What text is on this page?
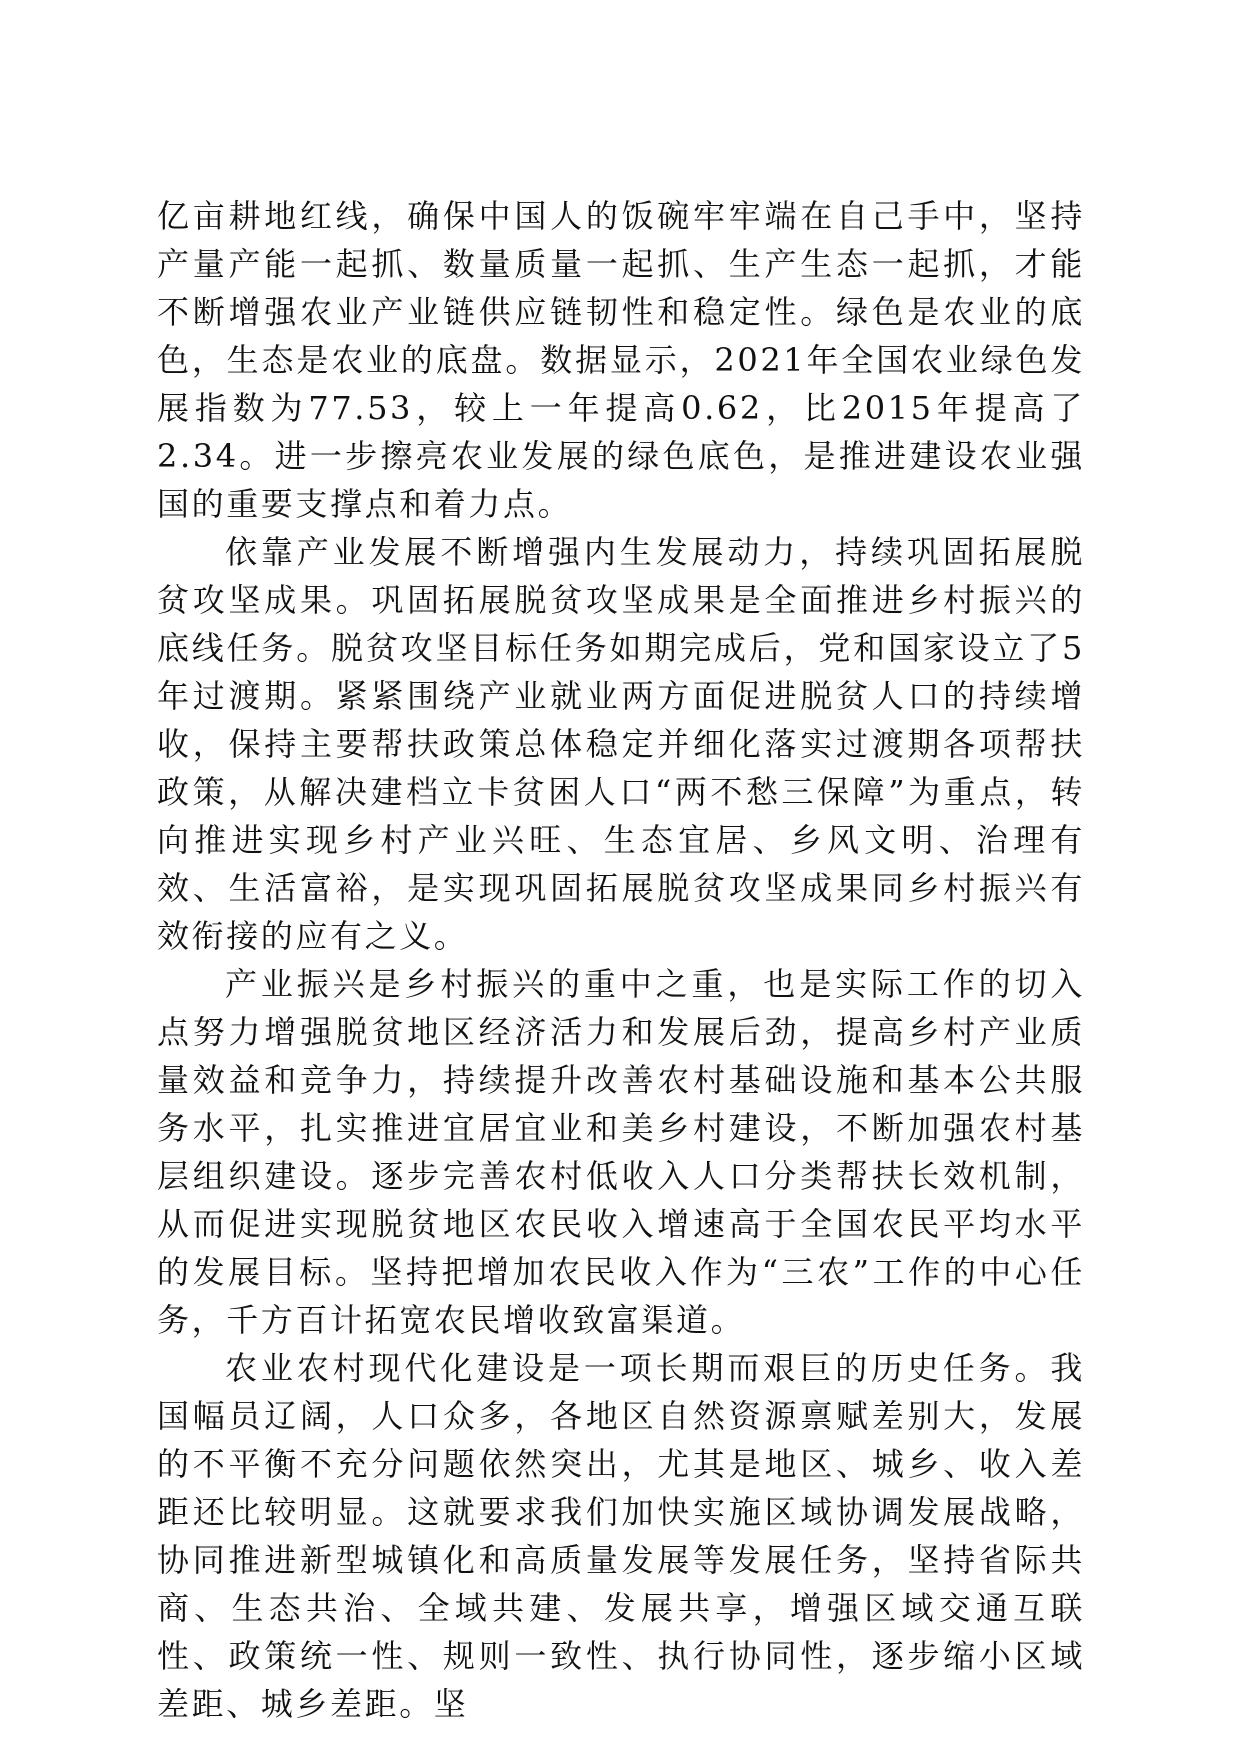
亿亩耕地红线，确保中国人的饭碗牢牢端在自己手中，坚持产量产能一起抓、数量质量一起抓、生产生态一起抓，才能不断增强农业产业链供应链韧性和稳定性。绿色是农业的底色，生态是农业的底盘。数据显示，2021年全国农业绿色发展指数为77.53，较上一年提高0.62，比2015年提高了2.34。进一步擦亮农业发展的绿色底色，是推进建设农业强国的重要支撑点和着力点。

依靠产业发展不断增强内生发展动力，持续巩固拓展脱贫攻坚成果。巩固拓展脱贫攻坚成果是全面推进乡村振兴的底线任务。脱贫攻坚目标任务如期完成后，党和国家设立了5年过渡期。紧紧围绕产业就业两方面促进脱贫人口的持续增收，保持主要帮扶政策总体稳定并细化落实过渡期各项帮扶政策，从解决建档立卡贫困人口“两不愁三保障”为重点，转向推进实现乡村产业兴旺、生态宜居、乡风文明、治理有效、生活富裕，是实现巩固拓展脱贫攻坚成果同乡村振兴有效衔接的应有之义。

产业振兴是乡村振兴的重中之重，也是实际工作的切入点努力增强脱贫地区经济活力和发展后劲，提高乡村产业质量效益和竞争力，持续提升改善农村基础设施和基本公共服务水平，扎实推进宜居宜业和美乡村建设，不断加强农村基层组织建设。逐步完善农村低收入人口分类帮扶长效机制，从而促进实现脱贫地区农民收入增速高于全国农民平均水平的发展目标。坚持把增加农民收入作为“三农”工作的中心任务，千方百计拓宽农民增收致富渠道。

农业农村现代化建设是一项长期而艰巨的历史任务。我国幅员辽阔，人口众多，各地区自然资源禀赋差别大，发展的不平衡不充分问题依然突出，尤其是地区、城乡、收入差距还比较明显。这就要求我们加快实施区域协调发展战略，协同推进新型城镇化和高质量发展等发展任务，坚持省际共商、生态共治、全域共建、发展共享，增强区域交通互联性、政策统一性、规则一致性、执行协同性，逐步缩小区域差距、城乡差距。坚
